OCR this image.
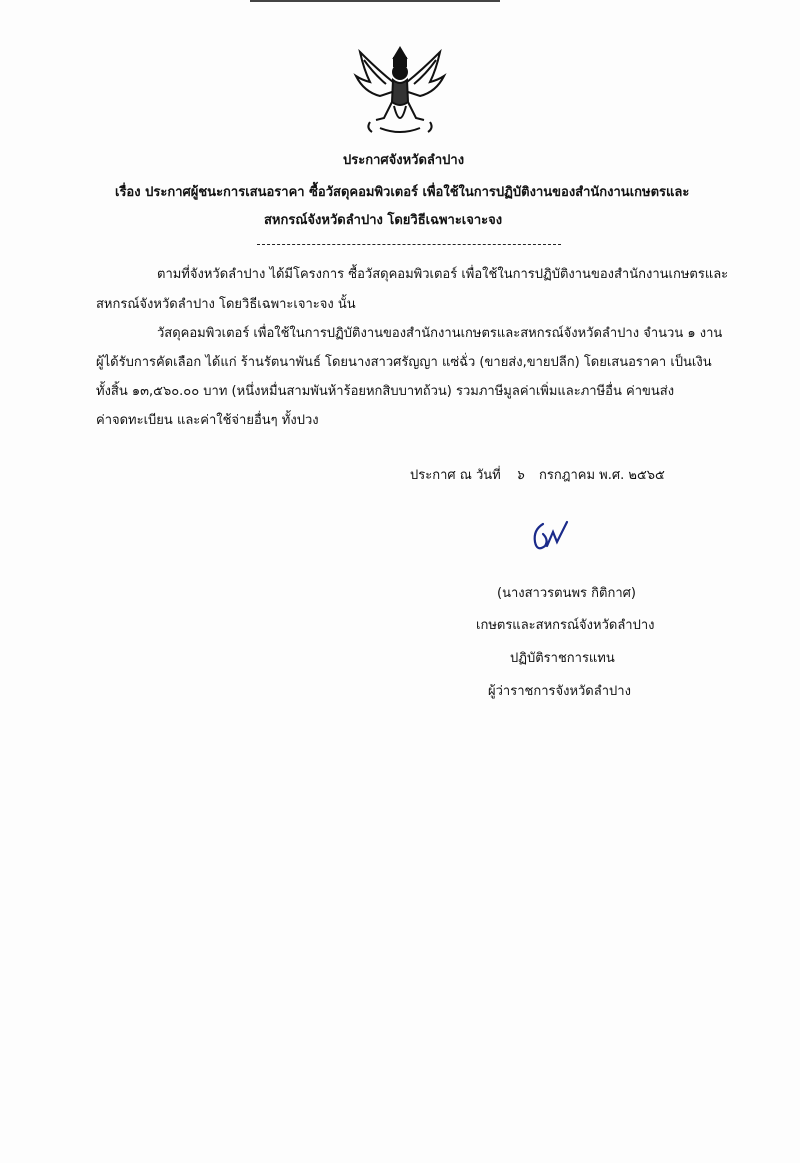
ประกาศจังหวัดลำปาง
เรื่อง ประกาศผู้ชนะการเสนอราคา ซื้อวัสดุคอมพิวเตอร์ เพื่อใช้ในการปฏิบัติงานของสำนักงานเกษตรและ
สหกรณ์จังหวัดลำปาง โดยวิธีเฉพาะเจาะจง
ตามที่จังหวัดลำปาง ได้มีโครงการ ซื้อวัสดุคอมพิวเตอร์ เพื่อใช้ในการปฏิบัติงานของสำนักงานเกษตรและ
สหกรณ์จังหวัดลำปาง โดยวิธีเฉพาะเจาะจง นั้น
วัสดุคอมพิวเตอร์ เพื่อใช้ในการปฏิบัติงานของสำนักงานเกษตรและสหกรณ์จังหวัดลำปาง จำนวน ๑ งาน
ผู้ได้รับการคัดเลือก ได้แก่ ร้านรัตนาพันธ์ โดยนางสาวศรัญญา แซ่ฉั่ว (ขายส่ง,ขายปลีก) โดยเสนอราคา เป็นเงิน
ทั้งสิ้น ๑๓,๕๖๐.๐๐ บาท (หนึ่งหมื่นสามพันห้าร้อยหกสิบบาทถ้วน) รวมภาษีมูลค่าเพิ่มและภาษีอื่น ค่าขนส่ง
ค่าจดทะเบียน และค่าใช้จ่ายอื่นๆ ทั้งปวง
ประกาศ ณ วันที่ ๖ กรกฎาคม พ.ศ. ๒๕๖๕
(นางสาวรตนพร กิติกาศ)
เกษตรและสหกรณ์จังหวัดลำปาง
ปฏิบัติราชการแทน
ผู้ว่าราชการจังหวัดลำปาง
